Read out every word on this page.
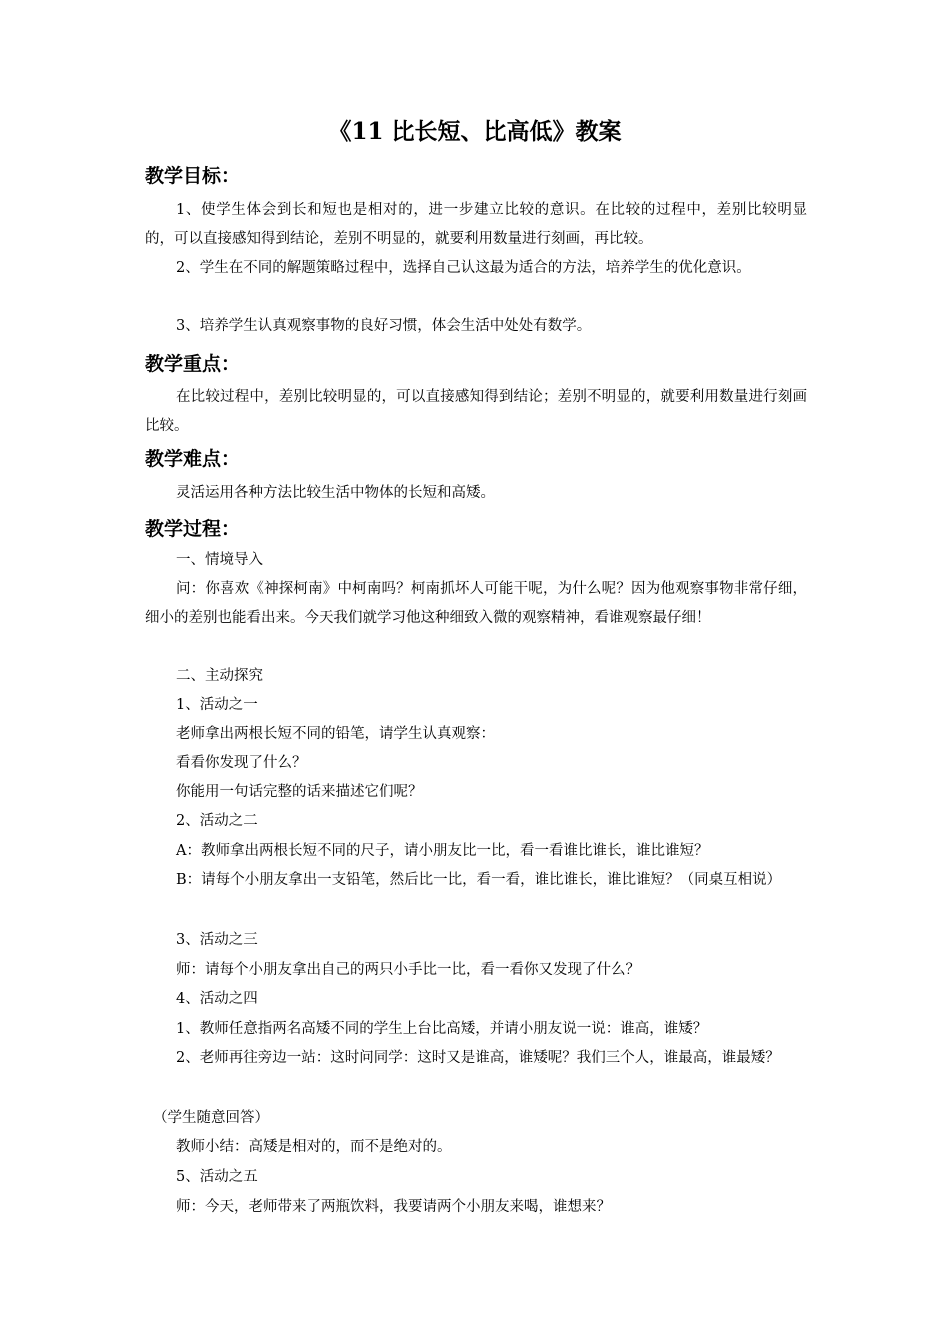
《11 比长短、比高低》教案
教学目标：
1、使学生体会到长和短也是相对的，进一步建立比较的意识。在比较的过程中，差别比较明显的，可以直接感知得到结论，差别不明显的，就要利用数量进行刻画，再比较。
2、学生在不同的解题策略过程中，选择自己认这最为适合的方法，培养学生的优化意识。
3、培养学生认真观察事物的良好习惯，体会生活中处处有数学。
教学重点：
在比较过程中，差别比较明显的，可以直接感知得到结论；差别不明显的，就要利用数量进行刻画比较。
教学难点：
灵活运用各种方法比较生活中物体的长短和高矮。
教学过程：
一、情境导入
问：你喜欢《神探柯南》中柯南吗？柯南抓坏人可能干呢，为什么呢？因为他观察事物非常仔细，细小的差别也能看出来。今天我们就学习他这种细致入微的观察精神，看谁观察最仔细！
二、主动探究
1、活动之一
老师拿出两根长短不同的铅笔，请学生认真观察：
看看你发现了什么？
你能用一句话完整的话来描述它们呢？
2、活动之二
A：教师拿出两根长短不同的尺子，请小朋友比一比，看一看谁比谁长，谁比谁短？
B：请每个小朋友拿出一支铅笔，然后比一比，看一看，谁比谁长，谁比谁短？（同桌互相说）
3、活动之三
师：请每个小朋友拿出自己的两只小手比一比，看一看你又发现了什么？
4、活动之四
1、教师任意指两名高矮不同的学生上台比高矮，并请小朋友说一说：谁高，谁矮？
2、老师再往旁边一站：这时问同学：这时又是谁高，谁矮呢？我们三个人，谁最高，谁最矮？
（学生随意回答）
教师小结：高矮是相对的，而不是绝对的。
5、活动之五
师：今天，老师带来了两瓶饮料，我要请两个小朋友来喝，谁想来？
